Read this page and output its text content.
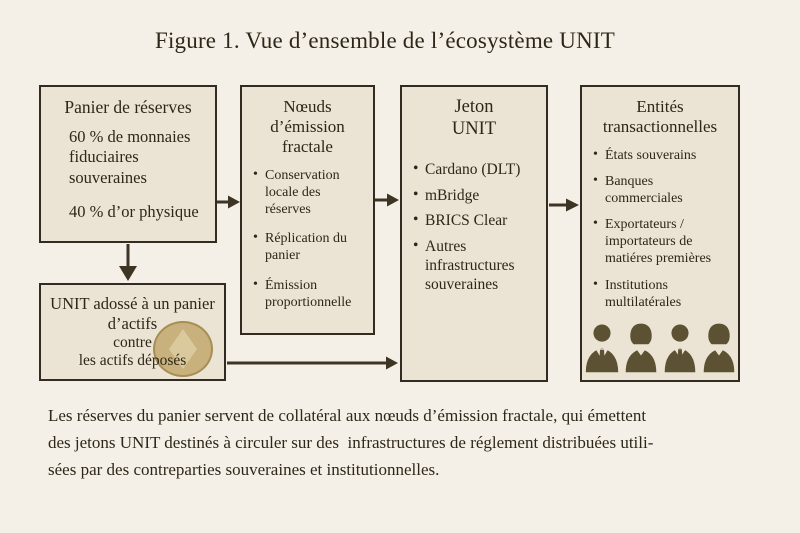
Figure 1. Vue d’ensemble de l’écosystème UNIT
Panier de réserves

60 % de monnaies fiduciaires souveraines

40 % d’or physique

Nœuds d’émission fractale
• Conservation locale des réserves
• Réplication du panier
• Émission proportionnelle
Jeton UNIT
• Cardano (DLT)
• mBridge
• BRICS Clear
• Autres infrastructures souveraines
Entités transactionnelles
• États souverains
• Banques commerciales
• Exportateurs / importateurs de matiéres premières
• Institutions multilatérales
UNIT adossé à un panier d’actifs
contre
les actifs déposés
Les réserves du panier servent de collatéral aux nœuds d’émission fractale, qui émettent
des jetons UNIT destinés à circuler sur des  infrastructures de réglement distribuées utili-
sées par des contreparties souveraines et institutionnelles.
